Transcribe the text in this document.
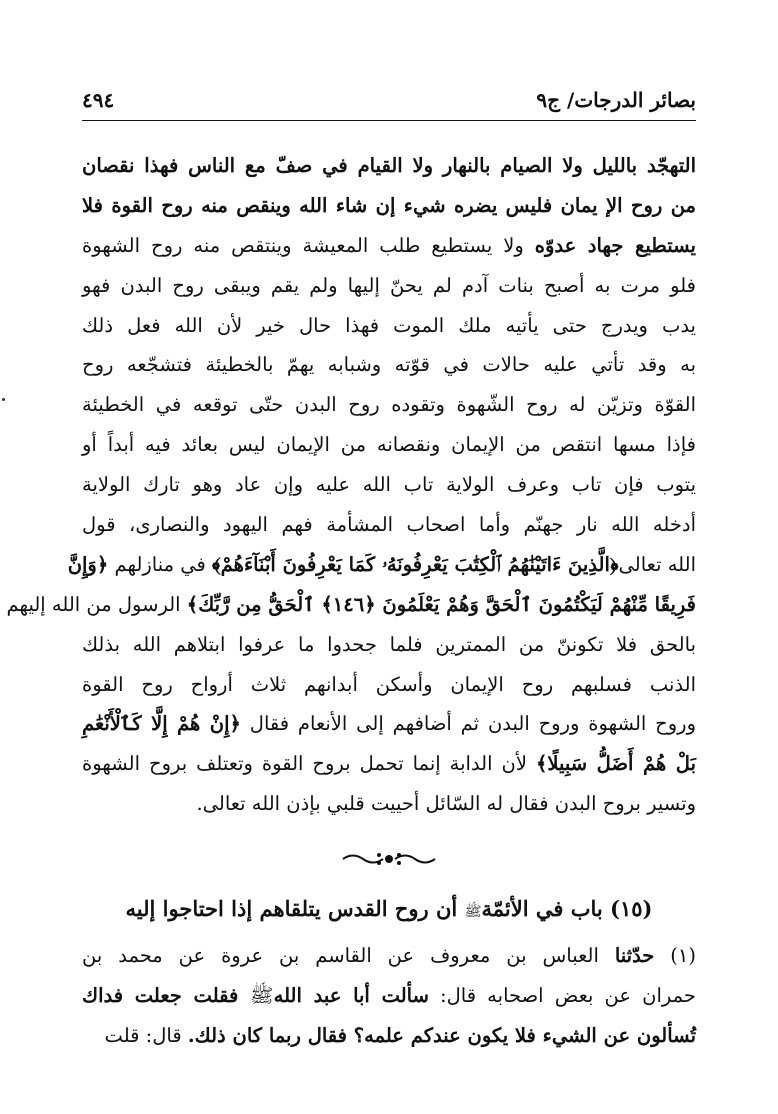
بصائر الدرجات/ ج٩
٤٩٤
التهجّد بالليل ولا الصيام بالنهار ولا القيام في صفّ مع الناس فهذا نقصان
من روح الإ يمان فليس يضره شيء إن شاء الله وينقص منه روح القوة فلا
يستطيع جهاد عدوّه ولا يستطيع طلب المعيشة وينتقص منه روح الشهوة
فلو مرت به أصبح بنات آدم لم يحنّ إليها ولم يقم ويبقى روح البدن فهو
يدب ويدرج حتى يأتيه ملك الموت فهذا حال خير لأن الله فعل ذلك
به وقد تأتي عليه حالات في قوّته وشبابه يهمّ بالخطيئة فتشجّعه روح
القوّة وتزيّن له روح الشّهوة وتقوده روح البدن حتّى توقعه في الخطيئة
فإذا مسها انتقص من الإيمان ونقصانه من الإيمان ليس بعائد فيه أبداً أو
يتوب فإن تاب وعرف الولاية تاب الله عليه وإن عاد وهو تارك الولاية
أدخله الله نار جهنّم وأما اصحاب المشأمة فهم اليهود والنصارى، قول
الله تعالى﴿الَّذِينَ ءَاتَيْنَٰهُمُ ٱلْكِتَٰبَ يَعْرِفُونَهُۥ كَمَا يَعْرِفُونَ أَبْنَآءَهُمْ﴾ في منازلهم ﴿وَإِنَّ
فَرِيقًا مِّنْهُمْ لَيَكْتُمُونَ ٱلْحَقَّ وَهُمْ يَعْلَمُونَ ﴿١٤٦﴾ ٱلْحَقُّ مِن رَّبِّكَ﴾ الرسول من الله إليهم
بالحق فلا تكوننّ من الممترين فلما جحدوا ما عرفوا ابتلاهم الله بذلك
الذنب فسلبهم روح الإيمان وأسكن أبدانهم ثلاث أرواح روح القوة
وروح الشهوة وروح البدن ثم أضافهم إلى الأنعام فقال ﴿إِنْ هُمْ إِلَّا كَٱلْأَنْعَٰمِ
بَلْ هُمْ أَضَلُّ سَبِيلًا﴾ لأن الدابة إنما تحمل بروح القوة وتعتلف بروح الشهوة
وتسير بروح البدن فقال له السّائل أحييت قلبي بإذن الله تعالى.
(١٥) باب في الأئمّةﷺ أن روح القدس يتلقاهم إذا احتاجوا إليه
(١) حدّثنا العباس بن معروف عن القاسم بن عروة عن محمد بن
حمران عن بعض اصحابه قال: سألت أبا عبد اللهﷺ فقلت جعلت فداك
تُسألون عن الشيء فلا يكون عندكم علمه؟ فقال ربما كان ذلك. قال: قلت
